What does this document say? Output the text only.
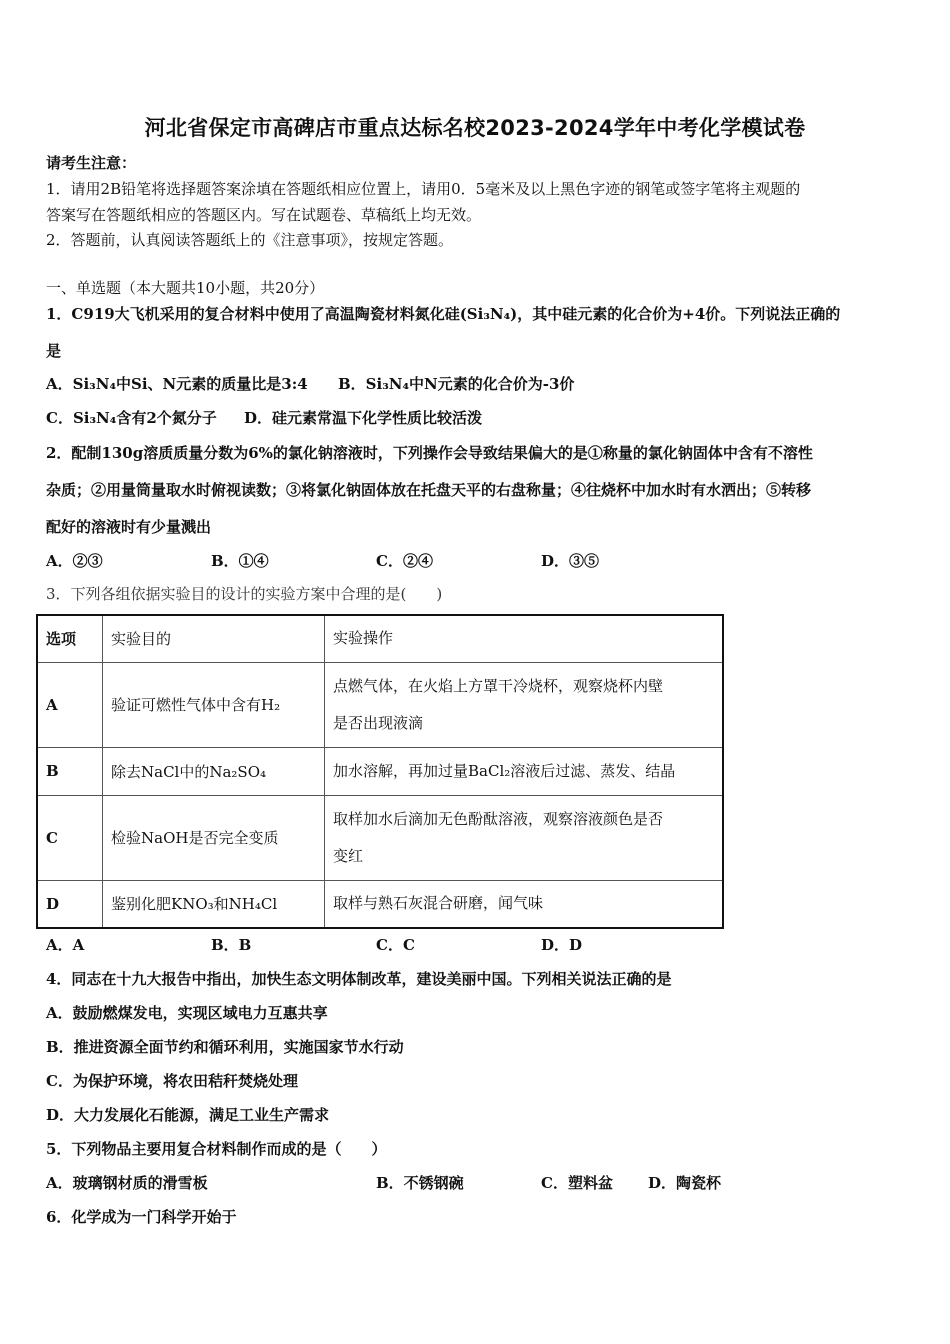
河北省保定市高碑店市重点达标名校2023-2024学年中考化学模试卷
请考生注意：
1．请用2B铅笔将选择题答案涂填在答题纸相应位置上，请用0．5毫米及以上黑色字迹的钢笔或签字笔将主观题的
答案写在答题纸相应的答题区内。写在试题卷、草稿纸上均无效。
2．答题前，认真阅读答题纸上的《注意事项》，按规定答题。
一、单选题（本大题共10小题，共20分）
1．C919大飞机采用的复合材料中使用了高温陶瓷材料氮化硅(Si₃N₄)，其中硅元素的化合价为+4价。下列说法正确的
是
A．Si₃N₄中Si、N元素的质量比是3:4 B．Si₃N₄中N元素的化合价为-3价
C．Si₃N₄含有2个氮分子 D．硅元素常温下化学性质比较活泼
2．配制130g溶质质量分数为6%的氯化钠溶液时，下列操作会导致结果偏大的是①称量的氯化钠固体中含有不溶性
杂质；②用量筒量取水时俯视读数；③将氯化钠固体放在托盘天平的右盘称量；④往烧杯中加水时有水洒出；⑤转移
配好的溶液时有少量溅出
A．②③	B．①④	C．②④	D．③⑤
3．下列各组依据实验目的设计的实验方案中合理的是(　　)
选项	实验目的	实验操作
A	验证可燃性气体中含有H₂	点燃气体，在火焰上方罩干冷烧杯，观察烧杯内壁
是否出现液滴

B	除去NaCl中的Na₂SO₄	加水溶解，再加过量BaCl₂溶液后过滤、蒸发、结晶

C	检验NaOH是否完全变质	取样加水后滴加无色酚酞溶液，观察溶液颜色是否
变红

D	鉴别化肥KNO₃和NH₄Cl	取样与熟石灰混合研磨，闻气味
A．A	B．B	C．C	D．D
4．同志在十九大报告中指出，加快生态文明体制改革，建设美丽中国。下列相关说法正确的是
A．鼓励燃煤发电，实现区域电力互惠共享
B．推进资源全面节约和循环利用，实施国家节水行动
C．为保护环境，将农田秸秆焚烧处理
D．大力发展化石能源，满足工业生产需求
5．下列物品主要用复合材料制作而成的是（　　）
A．玻璃钢材质的滑雪板	B．不锈钢碗	C．塑料盆 D．陶瓷杯
6．化学成为一门科学开始于
